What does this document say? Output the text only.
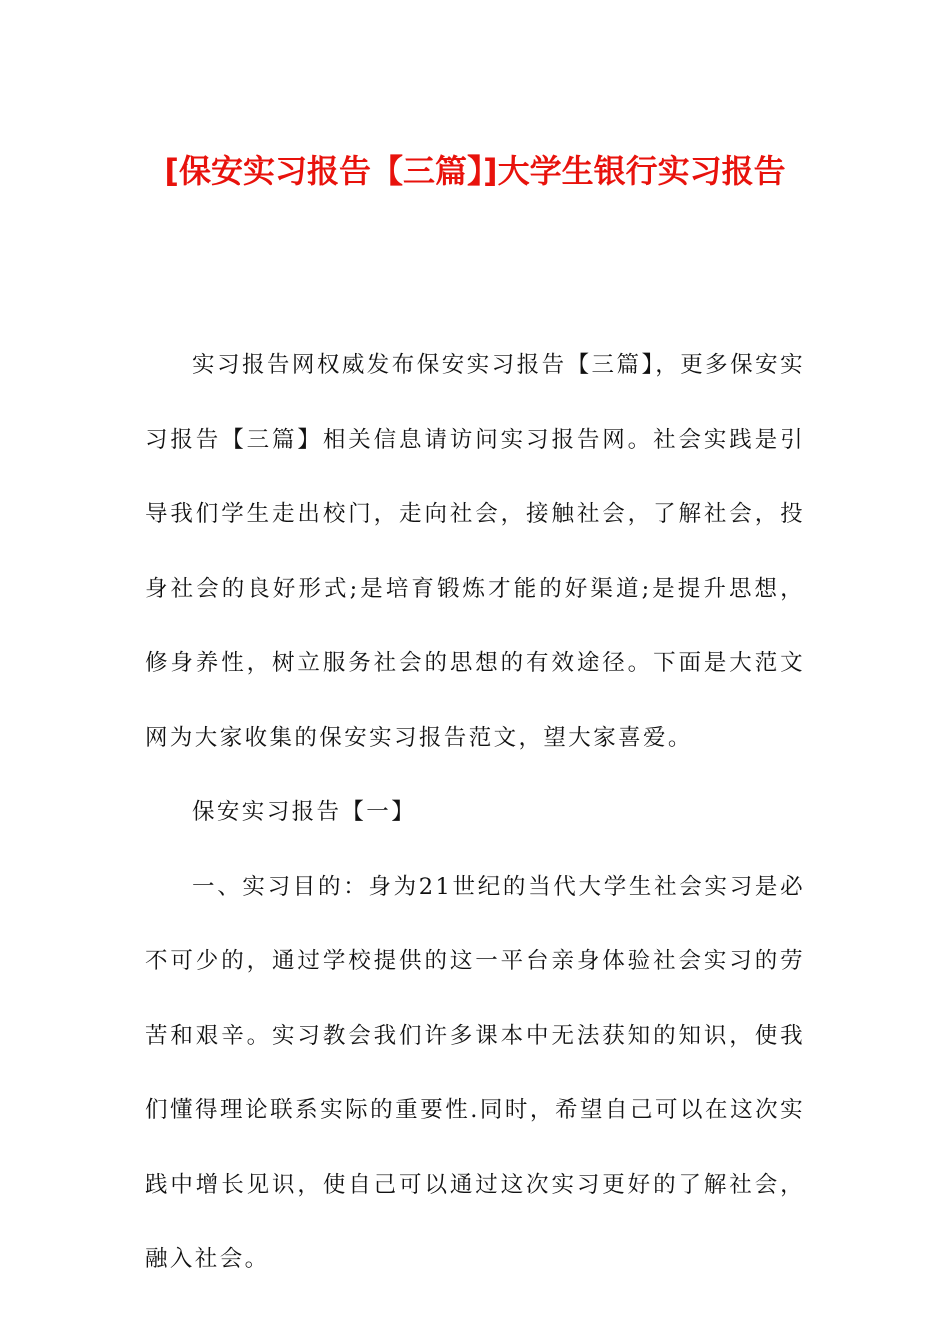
[保安实习报告【三篇】]大学生银行实习报告

实习报告网权威发布保安实习报告【三篇】，更多保安实习报告【三篇】相关信息请访问实习报告网。社会实践是引导我们学生走出校门，走向社会，接触社会，了解社会，投身社会的良好形式;是培育锻炼才能的好渠道;是提升思想，修身养性，树立服务社会的思想的有效途径。下面是大范文网为大家收集的保安实习报告范文，望大家喜爱。

保安实习报告【一】

一、实习目的：身为21世纪的当代大学生社会实习是必不可少的，通过学校提供的这一平台亲身体验社会实习的劳苦和艰辛。实习教会我们许多课本中无法获知的知识，使我们懂得理论联系实际的重要性.同时，希望自己可以在这次实践中增长见识，使自己可以通过这次实习更好的了解社会，融入社会。
